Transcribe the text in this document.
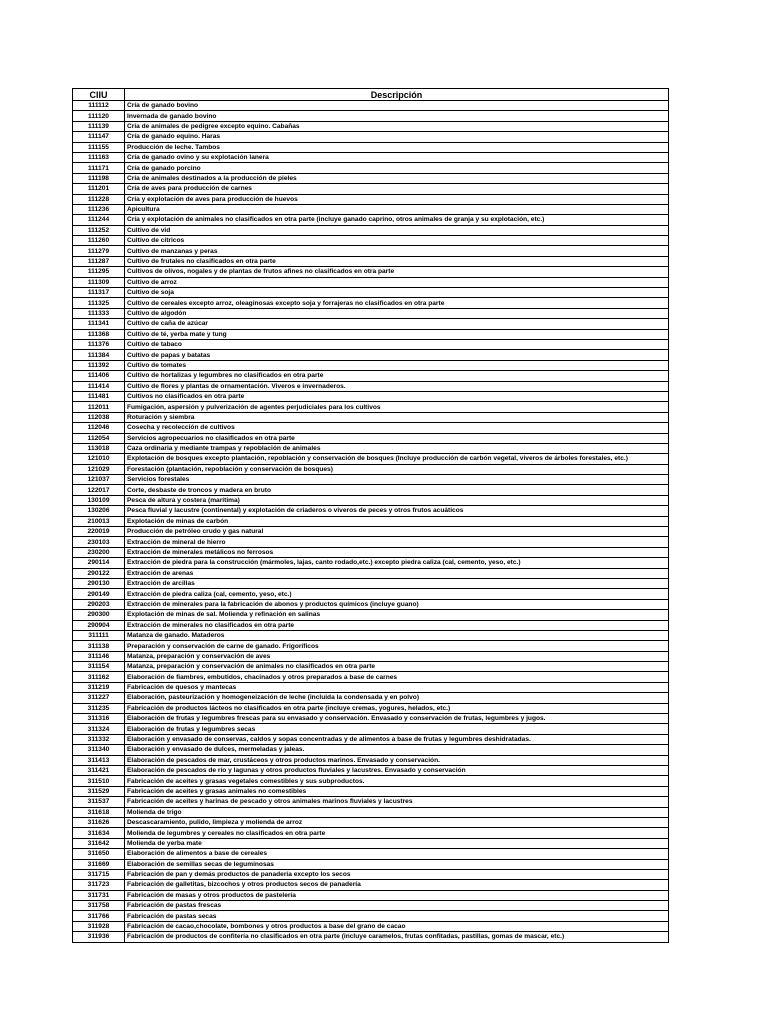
CIIU	Descripción
111112	Cría de ganado bovino
111120	Invernada de ganado bovino
111139	Cría de animales de pedigree excepto equino. Cabañas
111147	Cría de ganado equino. Haras
111155	Producción de leche. Tambos
111163	Cría de ganado ovino y su explotación lanera
111171	Cría de ganado porcino
111198	Cría de animales destinados a la producción de pieles
111201	Cría de aves para producción de carnes
111228	Cría y explotación de aves para producción de huevos
111236	Apicultura
111244	Cría y explotación de animales no clasificados en otra parte (incluye ganado caprino, otros animales de granja y su explotación, etc.)
111252	Cultivo de vid
111260	Cultivo de cítricos
111279	Cultivo de manzanas y peras
111287	Cultivo de frutales no clasificados en otra parte
111295	Cultivos de olivos, nogales y de plantas de frutos afines no clasificados en otra parte
111309	Cultivo de arroz
111317	Cultivo de soja
111325	Cultivo de cereales excepto arroz, oleaginosas excepto soja y forrajeras no clasificados en otra parte
111333	Cultivo de algodón
111341	Cultivo de caña de azúcar
111368	Cultivo de té, yerba mate y tung
111376	Cultivo de tabaco
111384	Cultivo de papas y batatas
111392	Cultivo de tomates
111406	Cultivo de hortalizas y legumbres no clasificados en otra parte
111414	Cultivo de flores y plantas de ornamentación. Viveros e invernaderos.
111481	Cultivos no clasificados en otra parte
112011	Fumigación, aspersión y pulverización de agentes perjudiciales para los cultivos
112038	Roturación y siembra
112046	Cosecha y recolección de cultivos
112054	Servicios agropecuarios no clasificados en otra parte
113018	Caza ordinaria y mediante trampas y repoblación de animales
121010	Explotación de bosques excepto plantación, repoblación y conservación de bosques (Incluye producción de carbón vegetal, viveros de árboles forestales, etc.)
121029	Forestación (plantación, repoblación y conservación de bosques)
121037	Servicios forestales
122017	Corte, desbaste de troncos y madera en bruto
130109	Pesca de altura y costera (marítima)
130206	Pesca fluvial y lacustre (continental) y explotación de criaderos o viveros de peces y otros frutos acuáticos
210013	Explotación de minas de carbón
220019	Producción de petróleo crudo y gas natural
230103	Extracción de mineral de hierro
230200	Extracción de minerales metálicos no ferrosos
290114	Extracción de piedra para la construcción (mármoles, lajas, canto rodado,etc.) excepto piedra caliza (cal, cemento, yeso, etc.)
290122	Extracción de arenas
290130	Extracción de arcillas
290149	Extracción de piedra caliza (cal, cemento, yeso, etc.)
290203	Extracción de minerales para la fabricación de abonos y productos químicos (incluye guano)
290300	Explotación de minas de sal. Molienda y refinación en salinas
290904	Extracción de minerales no clasificados en otra parte
311111	Matanza de ganado. Mataderos
311138	Preparación y conservación de carne de ganado. Frigoríficos
311146	Matanza, preparación y conservación de aves
311154	Matanza, preparación y conservación de animales no clasificados en otra parte
311162	Elaboración de fiambres, embutidos, chacinados y otros preparados a base de carnes
311219	Fabricación de quesos y mantecas
311227	Elaboración, pasteurización y homogeneización de leche (incluida la condensada y en polvo)
311235	Fabricación de productos lácteos no clasificados en otra parte (incluye cremas, yogures, helados, etc.)
311316	Elaboración de frutas y legumbres frescas para su envasado y conservación. Envasado y conservación de frutas, legumbres y jugos.
311324	Elaboración de frutas y legumbres secas
311332	Elaboración y envasado de conservas, caldos y sopas concentradas y de alimentos a base de frutas y legumbres deshidratadas.
311340	Elaboración y envasado de dulces, mermeladas y jaleas.
311413	Elaboración de pescados de mar, crustáceos y otros productos marinos. Envasado y conservación.
311421	Elaboración de pescados de río y lagunas y otros productos fluviales y lacustres. Envasado y conservación
311510	Fabricación de aceites y grasas vegetales comestibles y sus subproductos.
311529	Fabricación de aceites y grasas animales no comestibles
311537	Fabricación de aceites y harinas de pescado y otros animales marinos fluviales y lacustres
311618	Molienda de trigo
311626	Descascaramiento, pulido, limpieza y molienda de arroz
311634	Molienda de legumbres y cereales no clasificados en otra parte
311642	Molienda de yerba mate
311650	Elaboración de alimentos a base de cereales
311669	Elaboración de semillas secas de leguminosas
311715	Fabricación de pan y demás productos de panadería excepto los secos
311723	Fabricación de galletitas, bizcochos y otros productos secos de panadería
311731	Fabricación de masas y otros productos de pastelería
311758	Fabricación de pastas frescas
311766	Fabricación de pastas secas
311928	Fabricación de cacao,chocolate, bombones y otros productos a base del grano de cacao
311936	Fabricación de productos de confitería no clasificados en otra parte (incluye caramelos, frutas confitadas, pastillas, gomas de mascar, etc.)
